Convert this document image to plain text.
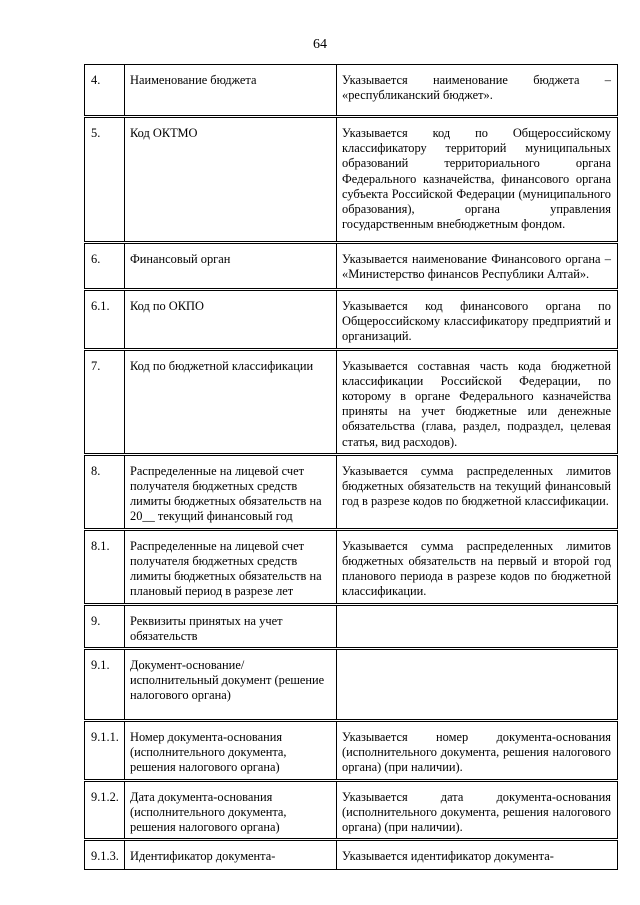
64
4.	Наименование бюджета	Указывается наименование бюджета – «республиканский бюджет».
5.	Код ОКТМО	Указывается код по Общероссийскому классификатору территорий муниципальных образований территориального органа Федерального казначейства, финансового органа субъекта Российской Федерации (муниципального образования), органа управления государственным внебюджетным фондом.
6.	Финансовый орган	Указывается наименование Финансового органа – «Министерство финансов Республики Алтай».
6.1.	Код по ОКПО	Указывается код финансового органа по Общероссийскому классификатору предприятий и организаций.
7.	Код по бюджетной классификации	Указывается составная часть кода бюджетной классификации Российской Федерации, по которому в органе Федерального казначейства приняты на учет бюджетные или денежные обязательства (глава, раздел, подраздел, целевая статья, вид расходов).
8.	Распределенные на лицевой счет получателя бюджетных средств лимиты бюджетных обязательств на 20__ текущий финансовый год	Указывается сумма распределенных лимитов бюджетных обязательств на текущий финансовый год в разрезе кодов по бюджетной классификации.
8.1.	Распределенные на лицевой счет получателя бюджетных средств лимиты бюджетных обязательств на плановый период в разрезе лет	Указывается сумма распределенных лимитов бюджетных обязательств на первый и второй год планового периода в разрезе кодов по бюджетной классификации.
9.	Реквизиты принятых на учет обязательств	
9.1.	Документ-основание/исполнительный документ (решение налогового органа)	
9.1.1.	Номер документа-основания (исполнительного документа, решения налогового органа)	Указывается номер документа-основания (исполнительного документа, решения налогового органа) (при наличии).
9.1.2.	Дата документа-основания (исполнительного документа, решения налогового органа)	Указывается дата документа-основания (исполнительного документа, решения налогового органа) (при наличии).
9.1.3.	Идентификатор документа-	Указывается идентификатор документа-
